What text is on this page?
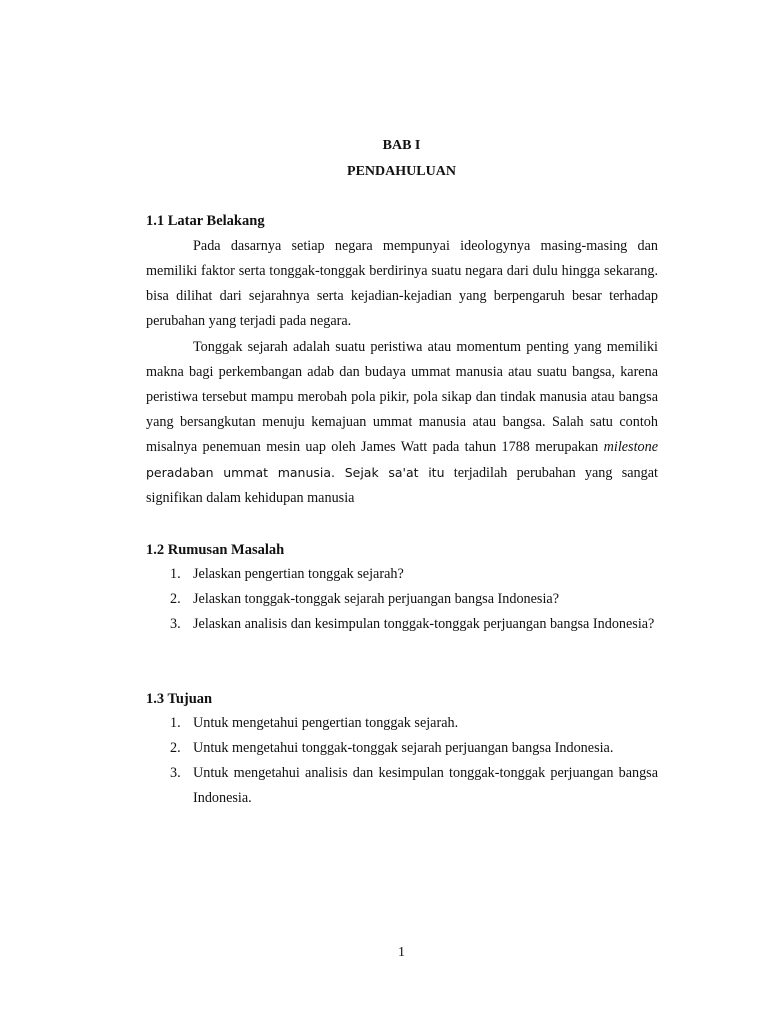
BAB I
PENDAHULUAN
1.1 Latar Belakang

Pada dasarnya setiap negara mempunyai ideologynya masing-masing dan memiliki faktor serta tonggak-tonggak berdirinya suatu negara dari dulu hingga sekarang. bisa dilihat dari sejarahnya serta kejadian-kejadian yang berpengaruh besar terhadap perubahan yang terjadi pada negara.

Tonggak sejarah adalah suatu peristiwa atau momentum penting yang memiliki makna bagi perkembangan adab dan budaya ummat manusia atau suatu bangsa, karena peristiwa tersebut mampu merobah pola pikir, pola sikap dan tindak manusia atau bangsa yang bersangkutan menuju kemajuan ummat manusia atau bangsa. Salah satu contoh misalnya penemuan mesin uap oleh James Watt pada tahun 1788 merupakan milestone peradaban ummat manusia. Sejak sa'at itu terjadilah perubahan yang sangat signifikan dalam kehidupan manusia

1.2 Rumusan Masalah
1. Jelaskan pengertian tonggak sejarah?
2. Jelaskan tonggak-tonggak sejarah perjuangan bangsa Indonesia?
3. Jelaskan analisis dan kesimpulan tonggak-tonggak perjuangan bangsa Indonesia?
1.3 Tujuan
1. Untuk mengetahui pengertian tonggak sejarah.
2. Untuk mengetahui tonggak-tonggak sejarah perjuangan bangsa Indonesia.
3. Untuk mengetahui analisis dan kesimpulan tonggak-tonggak perjuangan bangsa Indonesia.
1
